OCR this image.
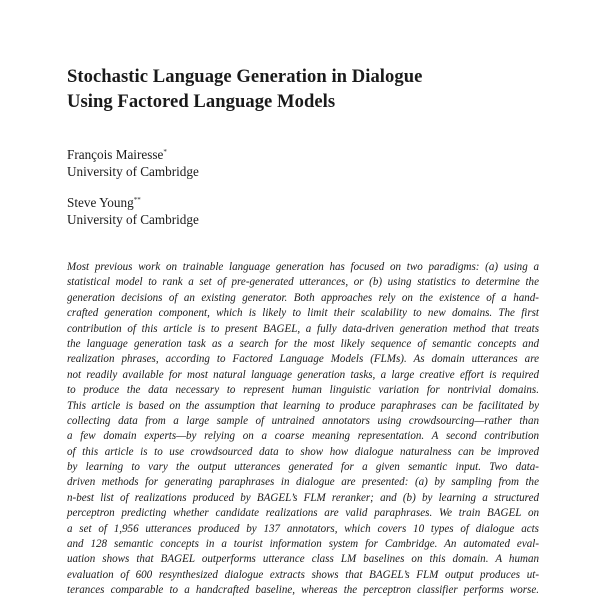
Stochastic Language Generation in Dialogue
Using Factored Language Models
François Mairesse*
University of Cambridge
Steve Young**
University of Cambridge
Most previous work on trainable language generation has focused on two paradigms: (a) using a
statistical model to rank a set of pre-generated utterances, or (b) using statistics to determine the
generation decisions of an existing generator. Both approaches rely on the existence of a hand-
crafted generation component, which is likely to limit their scalability to new domains. The first
contribution of this article is to present BAGEL, a fully data-driven generation method that treats
the language generation task as a search for the most likely sequence of semantic concepts and
realization phrases, according to Factored Language Models (FLMs). As domain utterances are
not readily available for most natural language generation tasks, a large creative effort is required
to produce the data necessary to represent human linguistic variation for nontrivial domains.
This article is based on the assumption that learning to produce paraphrases can be facilitated by
collecting data from a large sample of untrained annotators using crowdsourcing—rather than
a few domain experts—by relying on a coarse meaning representation. A second contribution
of this article is to use crowdsourced data to show how dialogue naturalness can be improved
by learning to vary the output utterances generated for a given semantic input. Two data-
driven methods for generating paraphrases in dialogue are presented: (a) by sampling from the
n-best list of realizations produced by BAGEL’s FLM reranker; and (b) by learning a structured
perceptron predicting whether candidate realizations are valid paraphrases. We train BAGEL on
a set of 1,956 utterances produced by 137 annotators, which covers 10 types of dialogue acts
and 128 semantic concepts in a tourist information system for Cambridge. An automated eval-
uation shows that BAGEL outperforms utterance class LM baselines on this domain. A human
evaluation of 600 resynthesized dialogue extracts shows that BAGEL’s FLM output produces ut-
terances comparable to a handcrafted baseline, whereas the perceptron classifier performs worse.
